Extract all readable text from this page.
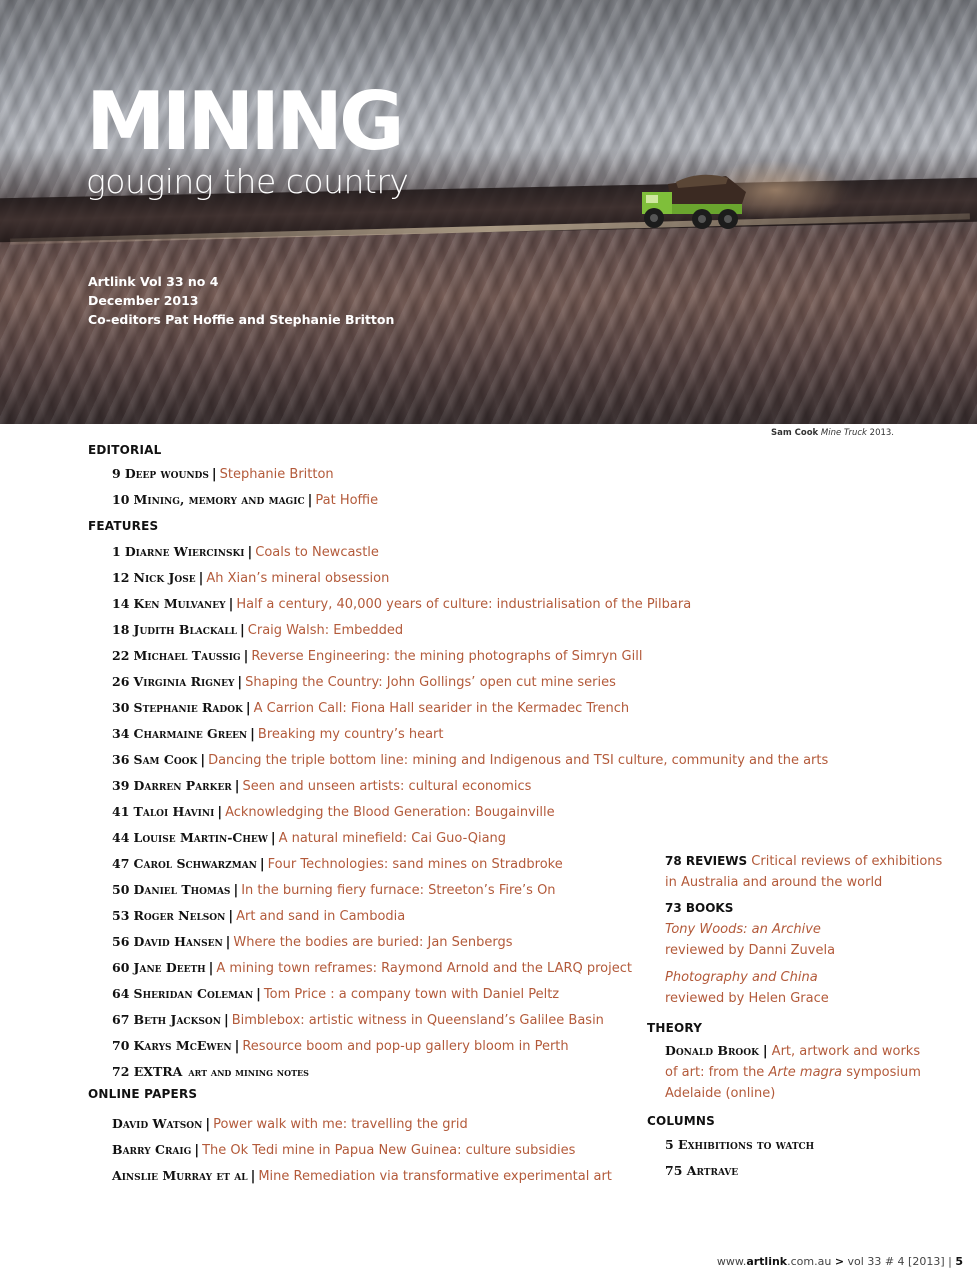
MINING
gouging the country
Artlink Vol 33 no 4
December 2013
Co-editors Pat Hoffie and Stephanie Britton
Sam Cook Mine Truck 2013.
EDITORIAL
9 Deep wounds | Stephanie Britton
10 Mining, memory and magic | Pat Hoffie
FEATURES
1 Diarne Wiercinski | Coals to Newcastle
12 Nick Jose | Ah Xian’s mineral obsession
14 Ken Mulvaney | Half a century, 40,000 years of culture: industrialisation of the Pilbara
18 Judith Blackall | Craig Walsh: Embedded
22 Michael Taussig | Reverse Engineering: the mining photographs of Simryn Gill
26 Virginia Rigney | Shaping the Country: John Gollings’ open cut mine series
30 Stephanie Radok | A Carrion Call: Fiona Hall searider in the Kermadec Trench
34 Charmaine Green | Breaking my country’s heart
36 Sam Cook | Dancing the triple bottom line: mining and Indigenous and TSI culture, community and the arts
39 Darren Parker | Seen and unseen artists: cultural economics
41 Taloi Havini | Acknowledging the Blood Generation: Bougainville
44 Louise Martin-Chew | A natural minefield: Cai Guo-Qiang
47 Carol Schwarzman | Four Technologies: sand mines on Stradbroke
50 Daniel Thomas | In the burning fiery furnace: Streeton’s Fire’s On
53 Roger Nelson | Art and sand in Cambodia
56 David Hansen | Where the bodies are buried: Jan Senbergs
60 Jane Deeth | A mining town reframes: Raymond Arnold and the LARQ project
64 Sheridan Coleman | Tom Price : a company town with Daniel Peltz
67 Beth Jackson | Bimblebox: artistic witness in Queensland’s Galilee Basin
70 Karys McEwen | Resource boom and pop-up gallery bloom in Perth
72 EXTRA art and mining notes
ONLINE PAPERS
David Watson | Power walk with me: travelling the grid
Barry Craig | The Ok Tedi mine in Papua New Guinea: culture subsidies
Ainslie Murray et al | Mine Remediation via transformative experimental art
78 REVIEWS Critical reviews of exhibitions
in Australia and around the world
73 BOOKS
Tony Woods: an Archive
reviewed by Danni Zuvela
Photography and China
reviewed by Helen Grace
THEORY
Donald Brook | Art, artwork and works
of art: from the Arte magra symposium
Adelaide (online)
COLUMNS
5 Exhibitions to watch
75 Artrave
www.artlink.com.au > vol 33 # 4 [2013] | 5
